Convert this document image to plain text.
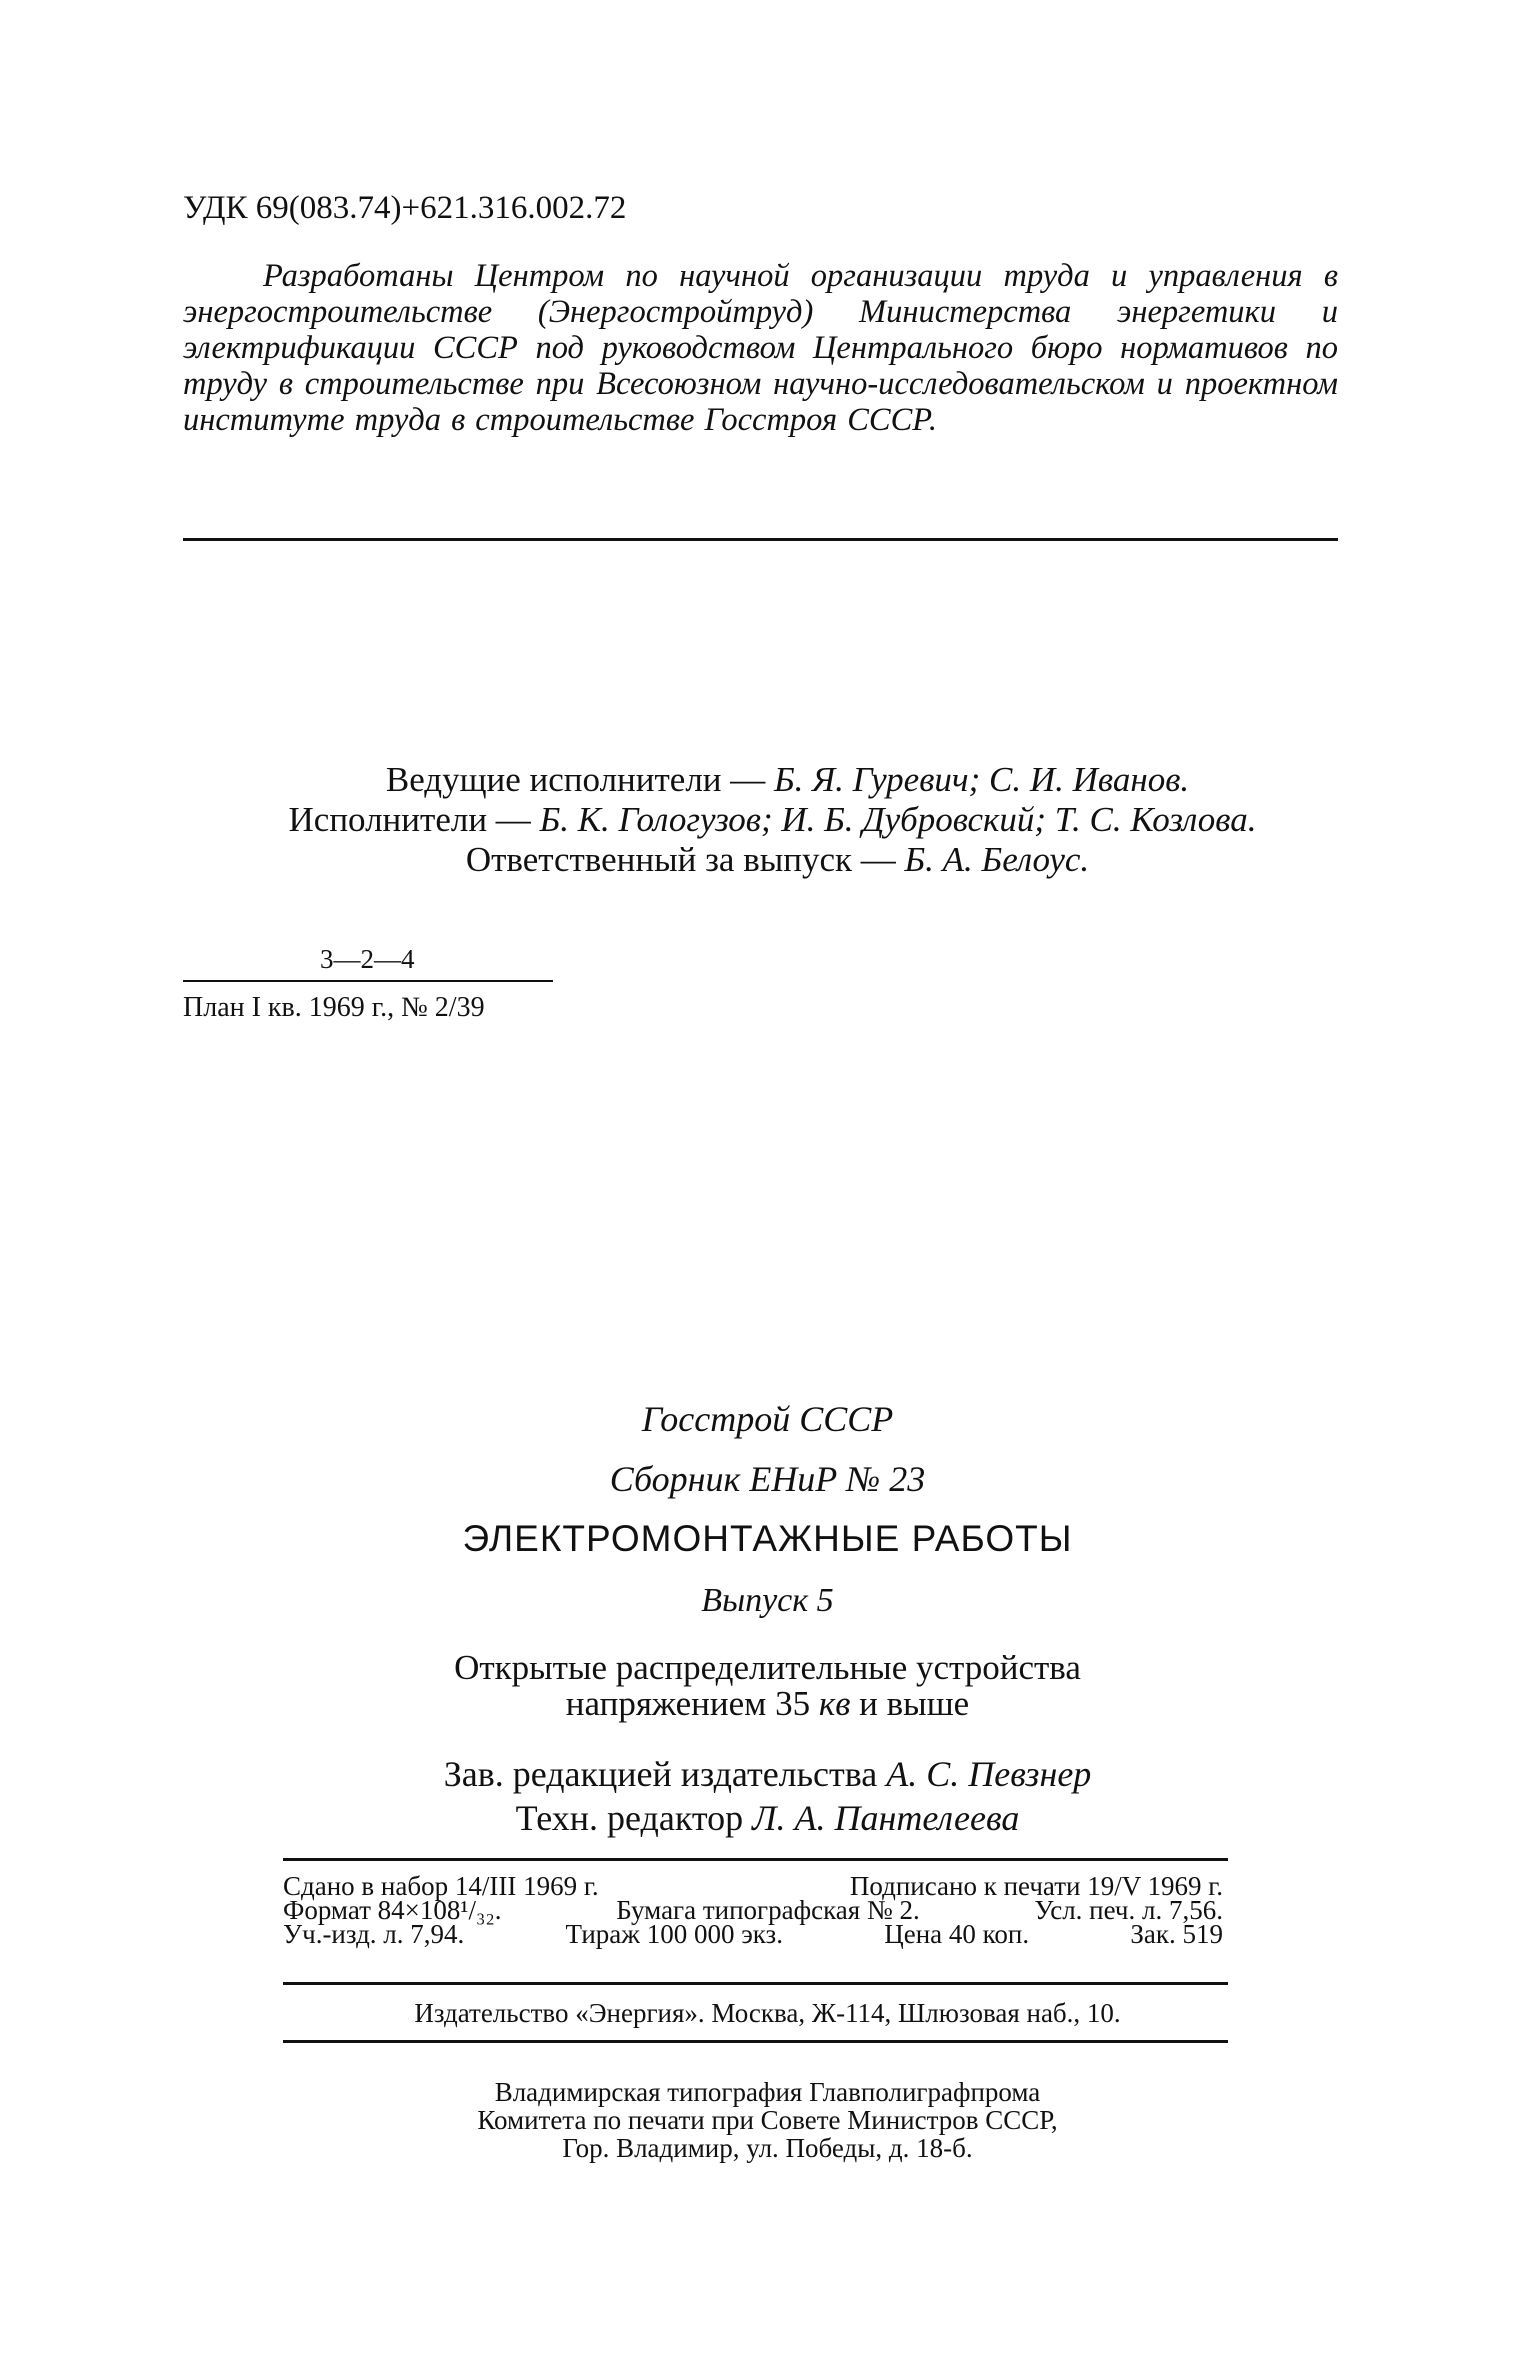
УДК 69(083.74)+621.316.002.72
Разработаны Центром по научной организации труда и управления в энергостроительстве (Энергостройтруд) Министерства энергетики и электрификации СССР под руководством Центрального бюро нормативов по труду в строительстве при Всесоюзном научно-исследовательском и проектном институте труда в строительстве Госстроя СССР.

Ведущие исполнители — Б. Я. Гуревич; С. И. Иванов.

Исполнители — Б. К. Гологузов; И. Б. Дубровский; Т. С. Козлова.

Ответственный за выпуск — Б. А. Белоус.

3—2—4
План I кв. 1969 г., № 2/39
Госстрой СССР
Сборник ЕНиР № 23
ЭЛЕКТРОМОНТАЖНЫЕ РАБОТЫ
Выпуск 5

Открытые распределительные устройства

напряжением 35 кв и выше

Зав. редакцией издательства А. С. Певзнер

Техн. редактор Л. А. Пантелеева

Сдано в набор 14/III 1969 г.	Подписано к печати 19/V 1969 г.
Формат 84×108¹/₃₂.	Бумага типографская № 2.	Усл. печ. л. 7,56.
Уч.-изд. л. 7,94.	Тираж 100 000 экз.	Цена 40 коп.	Зак. 519
Издательство «Энергия». Москва, Ж-114, Шлюзовая наб., 10.

Владимирская типография Главполиграфпрома

Комитета по печати при Совете Министров СССР,

Гор. Владимир, ул. Победы, д. 18-б.
